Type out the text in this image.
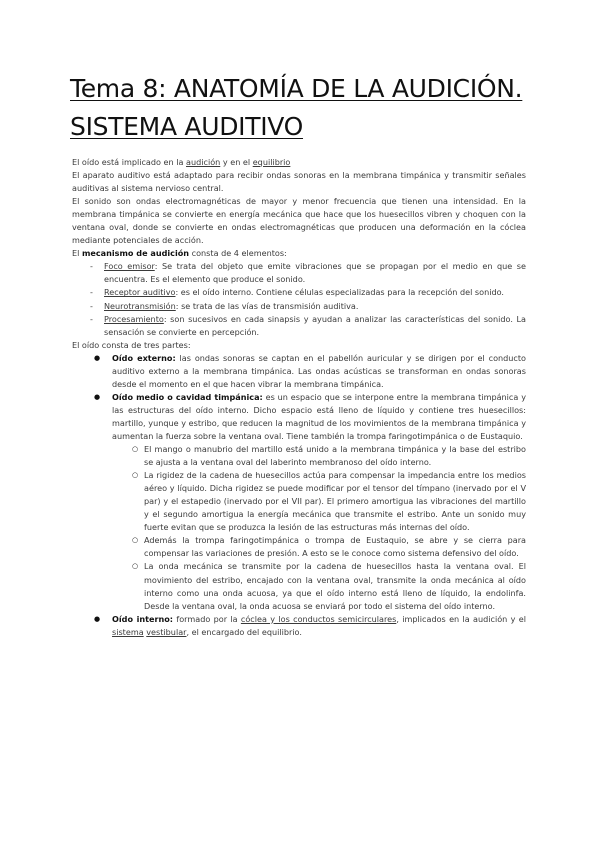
Tema 8: ANATOMÍA DE LA AUDICIÓN.
SISTEMA AUDITIVO

El oído está implicado en la audición y en el equilibrio

El aparato auditivo está adaptado para recibir ondas sonoras en la membrana timpánica y transmitir señales auditivas al sistema nervioso central.

El sonido son ondas electromagnéticas de mayor y menor frecuencia que tienen una intensidad. En la membrana timpánica se convierte en energía mecánica que hace que los huesecillos vibren y choquen con la ventana oval, donde se convierte en ondas electromagnéticas que producen una deformación en la cóclea mediante potenciales de acción.

El mecanismo de audición consta de 4 elementos:

- Foco emisor: Se trata del objeto que emite vibraciones que se propagan por el medio en que se encuentra. Es el elemento que produce el sonido.
- Receptor auditivo: es el oído interno. Contiene células especializadas para la recepción del sonido.
- Neurotransmisión: se trata de las vías de transmisión auditiva.
- Procesamiento: son sucesivos en cada sinapsis y ayudan a analizar las características del sonido. La sensación se convierte en percepción.

El oído consta de tres partes:

● Oído externo: las ondas sonoras se captan en el pabellón auricular y se dirigen por el conducto auditivo externo a la membrana timpánica. Las ondas acústicas se transforman en ondas sonoras desde el momento en el que hacen vibrar la membrana timpánica.
● Oído medio o cavidad timpánica: es un espacio que se interpone entre la membrana timpánica y las estructuras del oído interno. Dicho espacio está lleno de líquido y contiene tres huesecillos: martillo, yunque y estribo, que reducen la magnitud de los movimientos de la membrana timpánica y aumentan la fuerza sobre la ventana oval. Tiene también la trompa faringotimpánica o de Eustaquio.
○ El mango o manubrio del martillo está unido a la membrana timpánica y la base del estribo se ajusta a la ventana oval del laberinto membranoso del oído interno.
○ La rigidez de la cadena de huesecillos actúa para compensar la impedancia entre los medios aéreo y líquido. Dicha rigidez se puede modificar por el tensor del tímpano (inervado por el V par) y el estapedio (inervado por el VII par). El primero amortigua las vibraciones del martillo y el segundo amortigua la energía mecánica que transmite el estribo. Ante un sonido muy fuerte evitan que se produzca la lesión de las estructuras más internas del oído.
○ Además la trompa faringotimpánica o trompa de Eustaquio, se abre y se cierra para compensar las variaciones de presión. A esto se le conoce como sistema defensivo del oído.
○ La onda mecánica se transmite por la cadena de huesecillos hasta la ventana oval. El movimiento del estribo, encajado con la ventana oval, transmite la onda mecánica al oído interno como una onda acuosa, ya que el oído interno está lleno de líquido, la endolinfa. Desde la ventana oval, la onda acuosa se enviará por todo el sistema del oído interno.
● Oído interno: formado por la cóclea y los conductos semicirculares, implicados en la audición y el sistema vestibular, el encargado del equilibrio.
